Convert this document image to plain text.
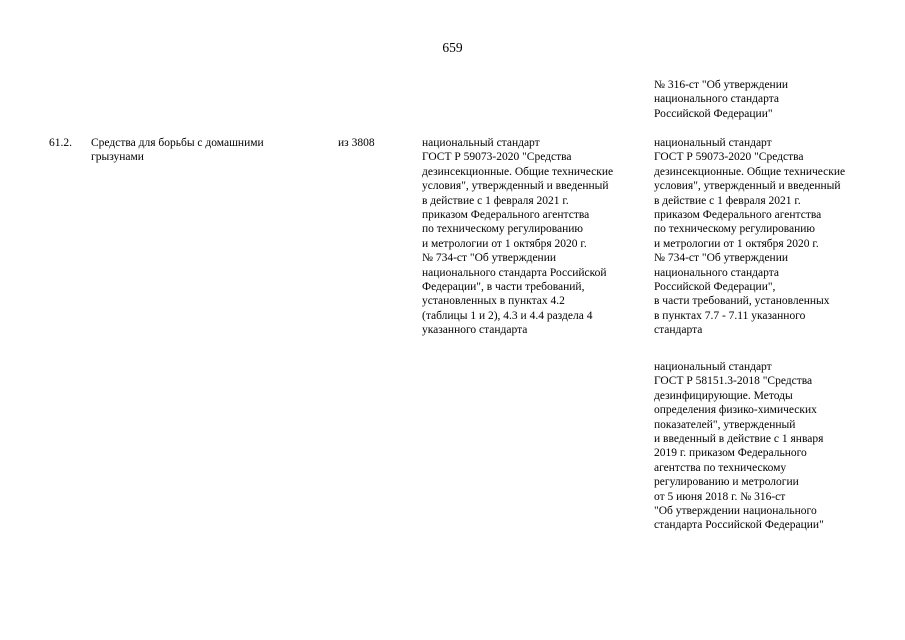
659
№ 316-ст "Об утверждении
национального стандарта
Российской Федерации"
61.2. Средства для борьбы с домашними
грызунами
из 3808	национальный стандарт
ГОСТ Р 59073-2020 "Средства
дезинсекционные. Общие технические
условия", утвержденный и введенный
в действие с 1 февраля 2021 г.
приказом Федерального агентства
по техническому регулированию
и метрологии от 1 октября 2020 г.
№ 734-ст "Об утверждении
национального стандарта Российской
Федерации", в части требований,
установленных в пунктах 4.2
(таблицы 1 и 2), 4.3 и 4.4 раздела 4
указанного стандарта
национальный стандарт
ГОСТ Р 59073-2020 "Средства
дезинсекционные. Общие технические
условия", утвержденный и введенный
в действие с 1 февраля 2021 г.
приказом Федерального агентства
по техническому регулированию
и метрологии от 1 октября 2020 г.
№ 734-ст "Об утверждении
национального стандарта
Российской Федерации",
в части требований, установленных
в пунктах 7.7 - 7.11 указанного
стандарта
национальный стандарт
ГОСТ Р 58151.3-2018 "Средства
дезинфицирующие. Методы
определения физико-химических
показателей", утвержденный
и введенный в действие с 1 января
2019 г. приказом Федерального
агентства по техническому
регулированию и метрологии
от 5 июня 2018 г. № 316-ст
"Об утверждении национального
стандарта Российской Федерации"
